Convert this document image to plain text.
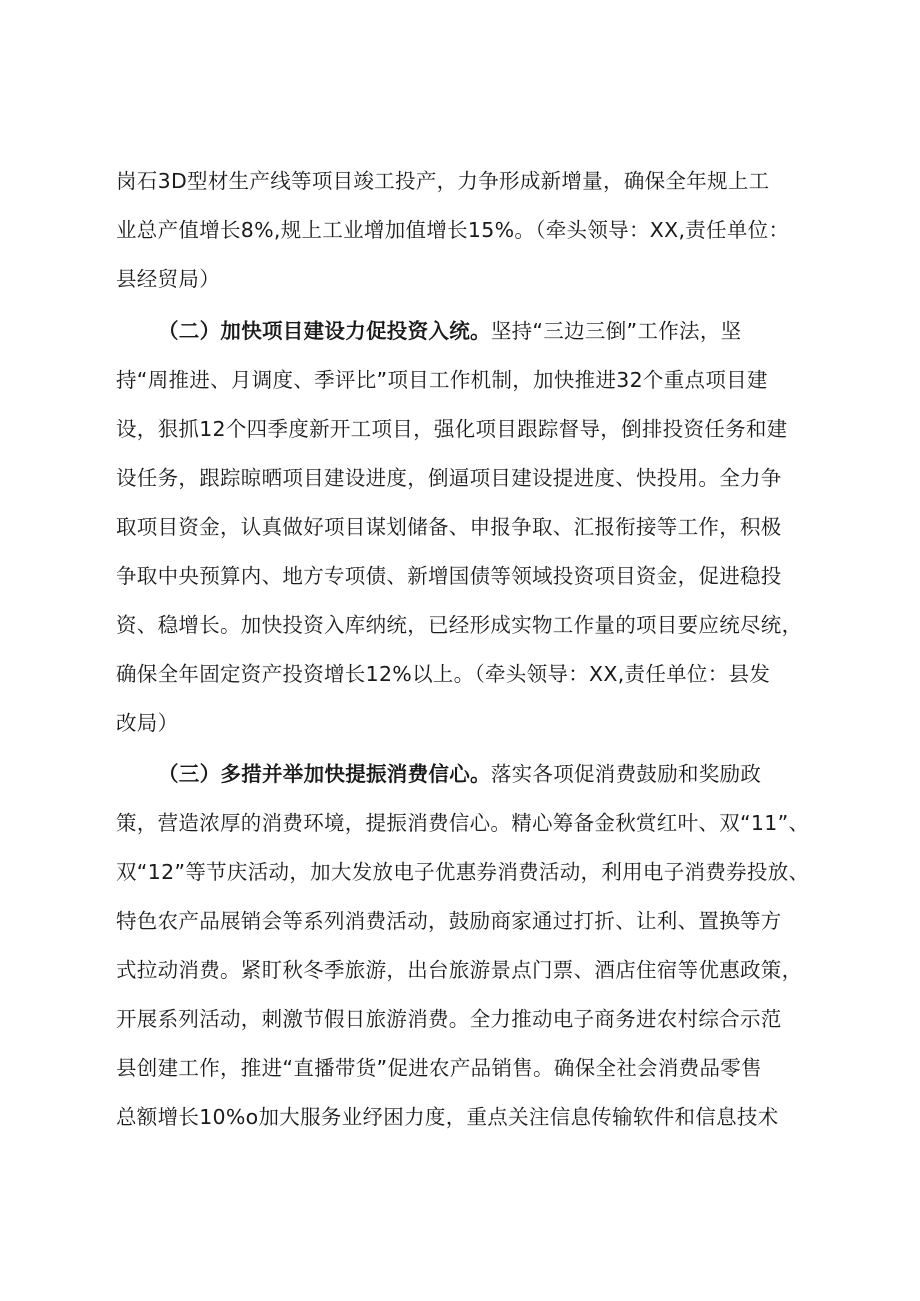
岗石3D型材生产线等项目竣工投产，力争形成新增量，确保全年规上工
业总产值增长8%,规上工业增加值增长15%。（牵头领导：XX,责任单位：
县经贸局）
（二）加快项目建设力促投资入统。坚持“三边三倒”工作法，坚
持“周推进、月调度、季评比”项目工作机制，加快推进32个重点项目建
设，狠抓12个四季度新开工项目，强化项目跟踪督导，倒排投资任务和建
设任务，跟踪晾晒项目建设进度，倒逼项目建设提进度、快投用。全力争
取项目资金，认真做好项目谋划储备、申报争取、汇报衔接等工作，积极
争取中央预算内、地方专项债、新增国债等领域投资项目资金，促进稳投
资、稳增长。加快投资入库纳统，已经形成实物工作量的项目要应统尽统，
确保全年固定资产投资增长12%以上。（牵头领导：XX,责任单位：县发
改局）
（三）多措并举加快提振消费信心。落实各项促消费鼓励和奖励政
策，营造浓厚的消费环境，提振消费信心。精心筹备金秋赏红叶、双“11”、
双“12”等节庆活动，加大发放电子优惠券消费活动，利用电子消费券投放、
特色农产品展销会等系列消费活动，鼓励商家通过打折、让利、置换等方
式拉动消费。紧盯秋冬季旅游，出台旅游景点门票、酒店住宿等优惠政策，
开展系列活动，刺激节假日旅游消费。全力推动电子商务进农村综合示范
县创建工作，推进“直播带货”促进农产品销售。确保全社会消费品零售
总额增长10%o加大服务业纾困力度，重点关注信息传输软件和信息技术
